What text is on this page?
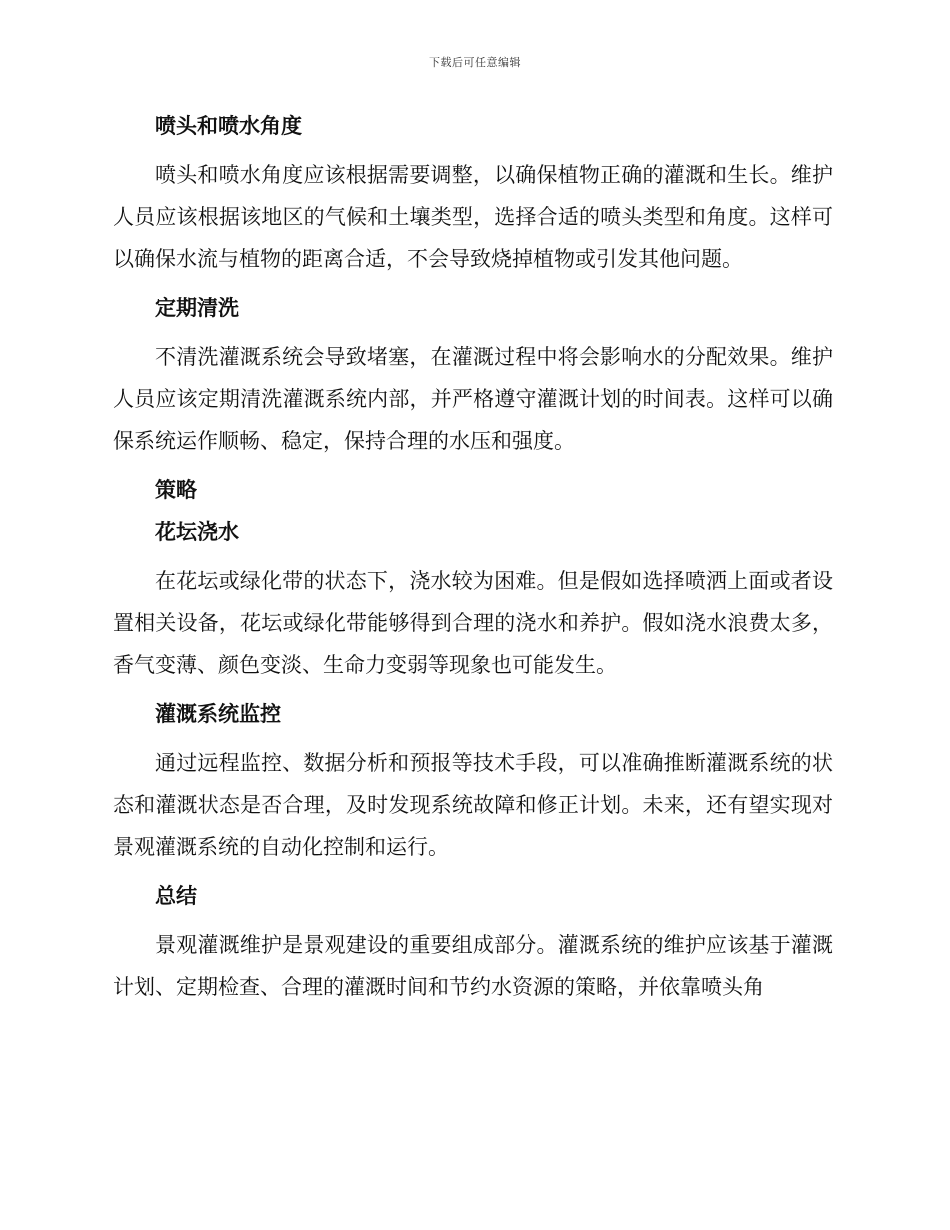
下载后可任意编辑
喷头和喷水角度

喷头和喷水角度应该根据需要调整，以确保植物正确的灌溉和生长。维护人员应该根据该地区的气候和土壤类型，选择合适的喷头类型和角度。这样可以确保水流与植物的距离合适，不会导致烧掉植物或引发其他问题。

定期清洗

不清洗灌溉系统会导致堵塞，在灌溉过程中将会影响水的分配效果。维护人员应该定期清洗灌溉系统内部，并严格遵守灌溉计划的时间表。这样可以确保系统运作顺畅、稳定，保持合理的水压和强度。

策略
花坛浇水

在花坛或绿化带的状态下，浇水较为困难。但是假如选择喷洒上面或者设置相关设备，花坛或绿化带能够得到合理的浇水和养护。假如浇水浪费太多，香气变薄、颜色变淡、生命力变弱等现象也可能发生。

灌溉系统监控

通过远程监控、数据分析和预报等技术手段，可以准确推断灌溉系统的状态和灌溉状态是否合理，及时发现系统故障和修正计划。未来，还有望实现对景观灌溉系统的自动化控制和运行。

总结

景观灌溉维护是景观建设的重要组成部分。灌溉系统的维护应该基于灌溉计划、定期检查、合理的灌溉时间和节约水资源的策略，并依靠喷头角
